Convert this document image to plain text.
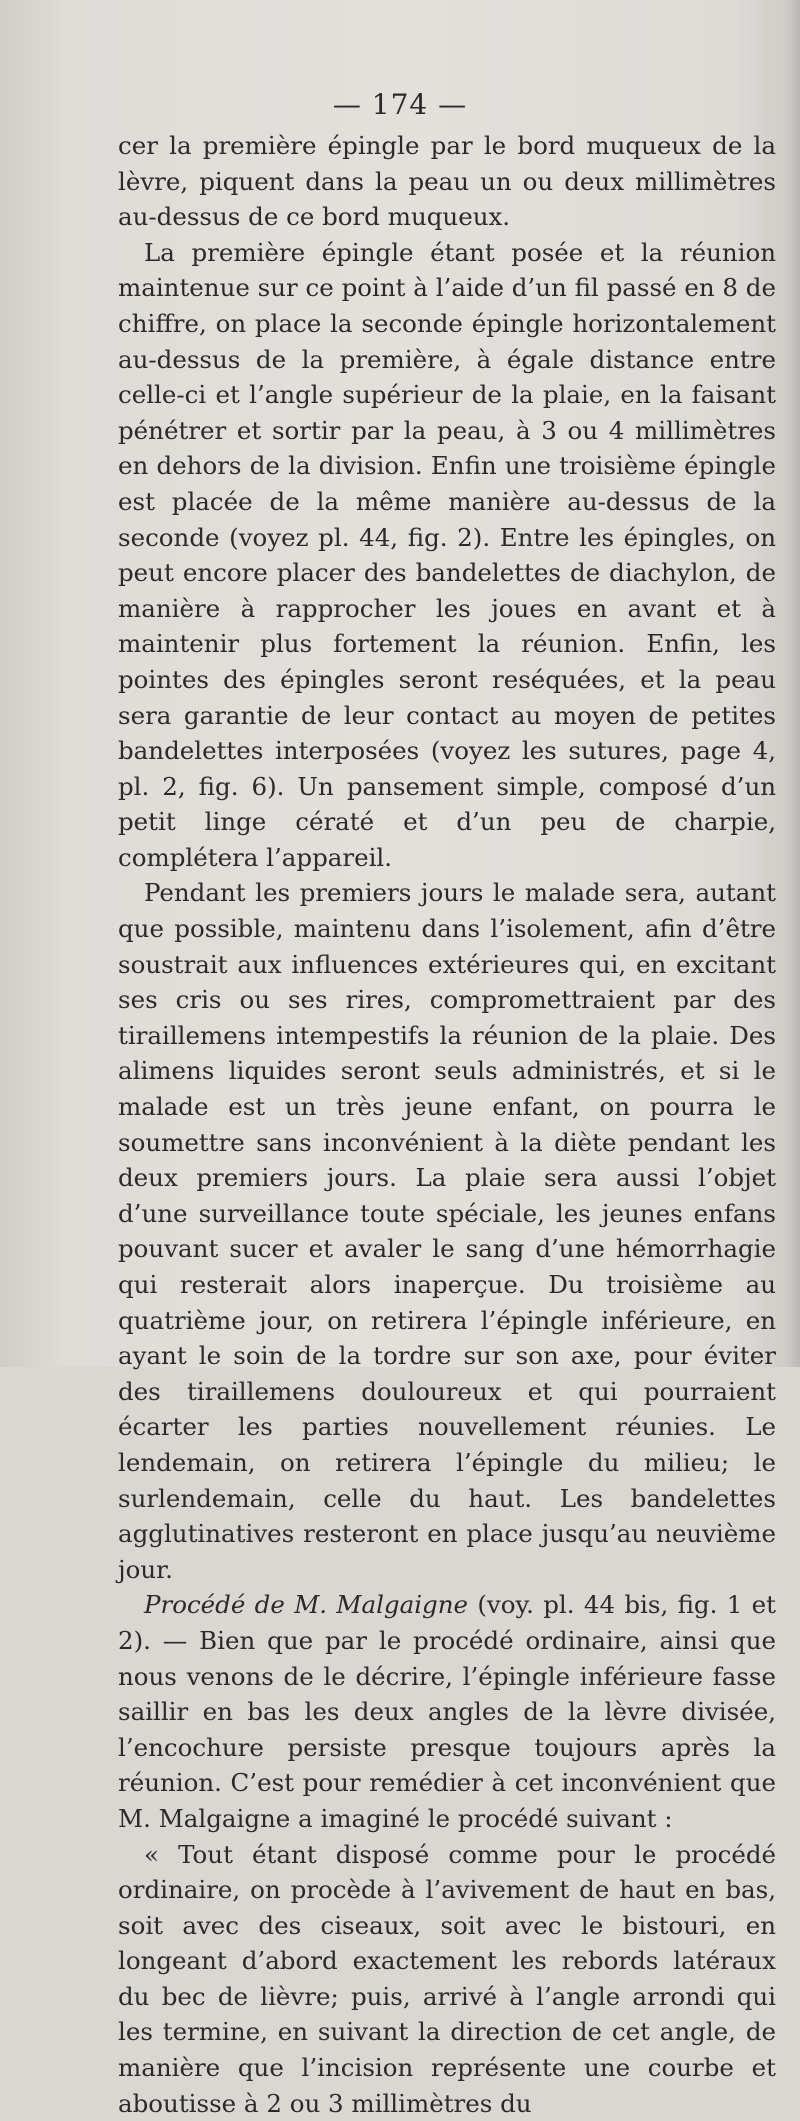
— 174 —

cer la première épingle par le bord muqueux de la lèvre, piquent dans la peau un ou deux millimètres au-dessus de ce bord muqueux.

La première épingle étant posée et la réunion maintenue sur ce point à l’aide d’un fil passé en 8 de chiffre, on place la seconde épingle horizontalement au-dessus de la première, à égale distance entre celle-ci et l’angle supérieur de la plaie, en la faisant pénétrer et sortir par la peau, à 3 ou 4 millimètres en dehors de la division. Enfin une troisième épingle est placée de la même manière au-dessus de la seconde (voyez pl. 44, fig. 2). Entre les épingles, on peut encore placer des bandelettes de diachylon, de manière à rapprocher les joues en avant et à maintenir plus fortement la réunion. Enfin, les pointes des épingles seront reséquées, et la peau sera garantie de leur contact au moyen de petites bandelettes interposées (voyez les sutures, page 4, pl. 2, fig. 6). Un pansement simple, composé d’un petit linge cératé et d’un peu de charpie, complétera l’appareil.

Pendant les premiers jours le malade sera, autant que possible, maintenu dans l’isolement, afin d’être soustrait aux influences extérieures qui, en excitant ses cris ou ses rires, compromettraient par des tiraillemens intempestifs la réunion de la plaie. Des alimens liquides seront seuls administrés, et si le malade est un très jeune enfant, on pourra le soumettre sans inconvénient à la diète pendant les deux premiers jours. La plaie sera aussi l’objet d’une surveillance toute spéciale, les jeunes enfans pouvant sucer et avaler le sang d’une hémorrhagie qui resterait alors inaperçue. Du troisième au quatrième jour, on retirera l’épingle inférieure, en ayant le soin de la tordre sur son axe, pour éviter des tiraillemens douloureux et qui pourraient écarter les parties nouvellement réunies. Le lendemain, on retirera l’épingle du milieu; le surlendemain, celle du haut. Les bandelettes agglutinatives resteront en place jusqu’au neuvième jour.

Procédé de M. Malgaigne (voy. pl. 44 bis, fig. 1 et 2). — Bien que par le procédé ordinaire, ainsi que nous venons de le décrire, l’épingle inférieure fasse saillir en bas les deux angles de la lèvre divisée, l’encochure persiste presque toujours après la réunion. C’est pour remédier à cet inconvénient que M. Malgaigne a imaginé le procédé suivant :

« Tout étant disposé comme pour le procédé ordinaire, on procède à l’avivement de haut en bas, soit avec des ciseaux, soit avec le bistouri, en longeant d’abord exactement les rebords latéraux du bec de lièvre; puis, arrivé à l’angle arrondi qui les termine, en suivant la direction de cet angle, de manière que l’incision représente une courbe et aboutisse à 2 ou 3 millimètres du
